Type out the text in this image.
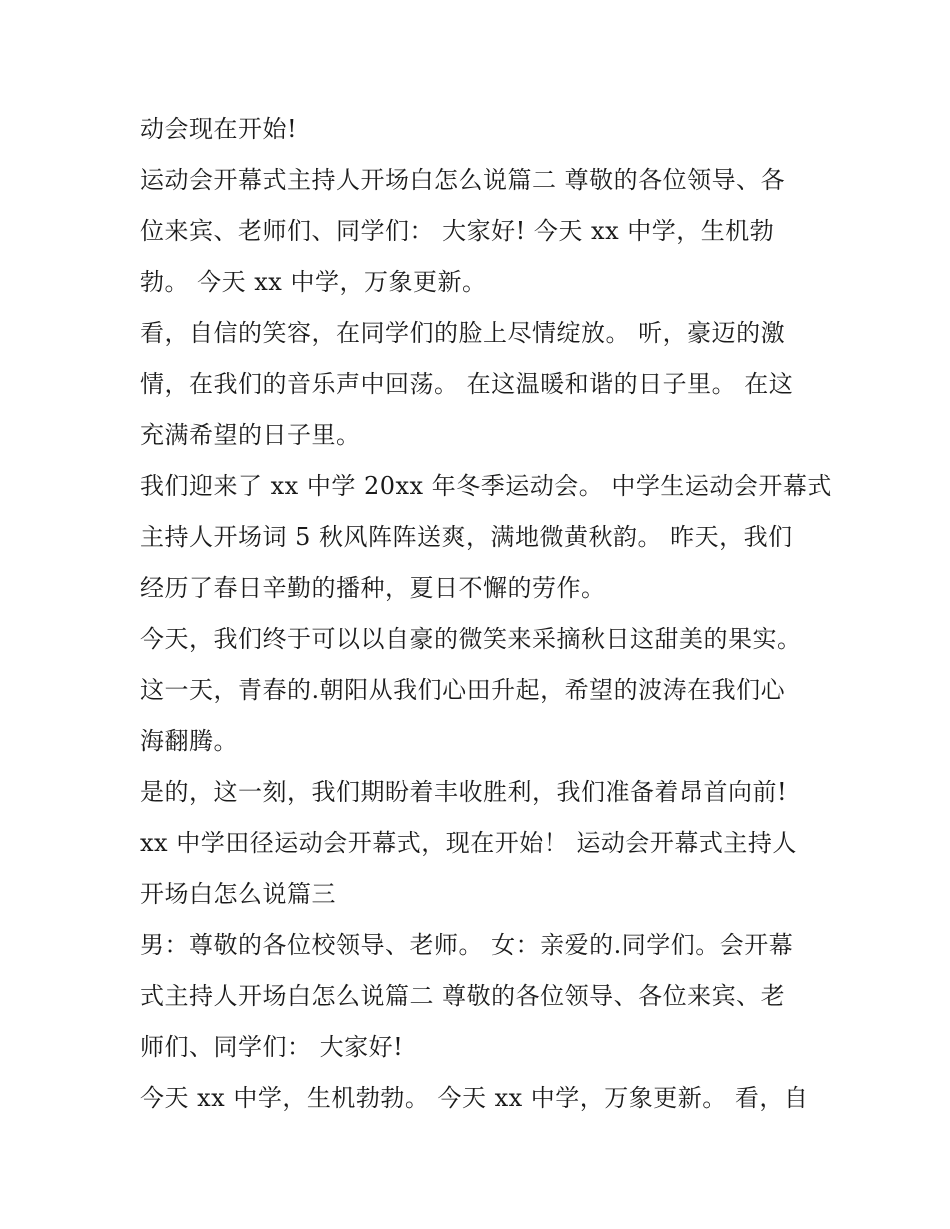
动会现在开始!
运动会开幕式主持人开场白怎么说篇二 尊敬的各位领导、各
位来宾、老师们、同学们： 大家好! 今天 xx 中学，生机勃
勃。 今天 xx 中学，万象更新。
看，自信的笑容，在同学们的脸上尽情绽放。 听，豪迈的激
情，在我们的音乐声中回荡。 在这温暖和谐的日子里。 在这
充满希望的日子里。
我们迎来了 xx 中学 20xx 年冬季运动会。 中学生运动会开幕式
主持人开场词 5 秋风阵阵送爽，满地微黄秋韵。 昨天，我们
经历了春日辛勤的播种，夏日不懈的劳作。
今天，我们终于可以以自豪的微笑来采摘秋日这甜美的果实。
这一天，青春的.朝阳从我们心田升起，希望的波涛在我们心
海翻腾。
是的，这一刻，我们期盼着丰收胜利，我们准备着昂首向前!
xx 中学田径运动会开幕式，现在开始！ 运动会开幕式主持人
开场白怎么说篇三
男：尊敬的各位校领导、老师。 女：亲爱的.同学们。会开幕
式主持人开场白怎么说篇二 尊敬的各位领导、各位来宾、老
师们、同学们： 大家好!
今天 xx 中学，生机勃勃。 今天 xx 中学，万象更新。 看，自
